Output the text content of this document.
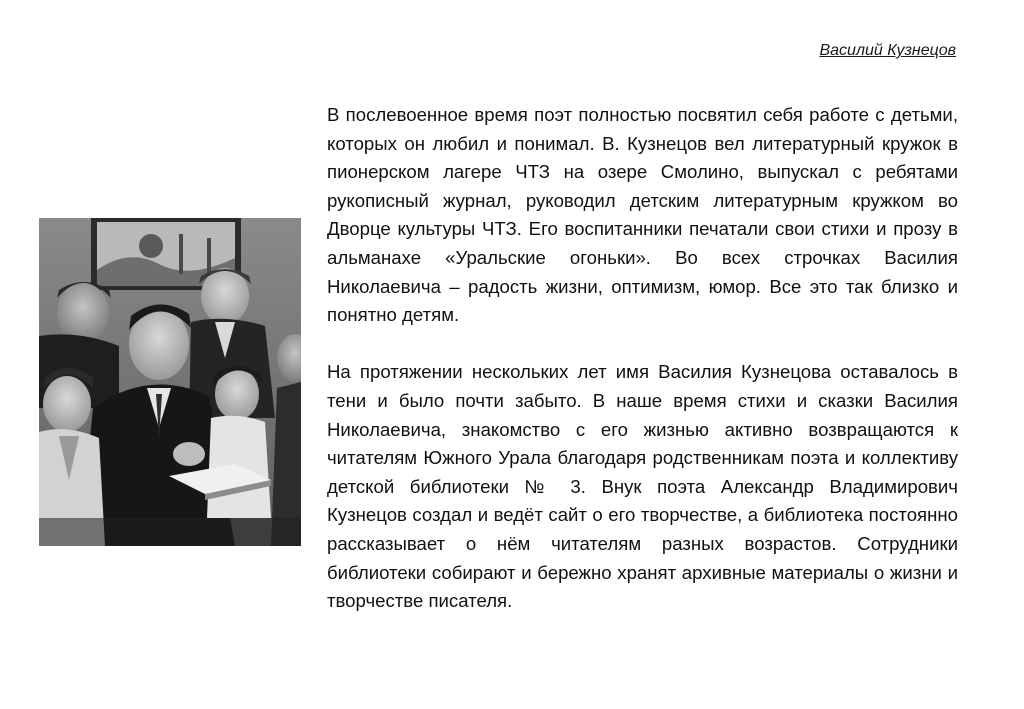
Василий Кузнецов

В послевоенное время поэт полностью посвятил себя работе с детьми, которых он любил и понимал. В. Кузнецов вел литературный кружок в пионерском лагере ЧТЗ на озере Смолино, выпускал с ребятами рукописный журнал, руководил детским литературным кружком во Дворце культуры ЧТЗ. Его воспитанники печатали свои стихи и прозу в альманахе «Уральские огоньки». Во всех строчках Василия Николаевича – радость жизни, оптимизм, юмор. Все это так близко и понятно детям.

На протяжении нескольких лет имя Василия Кузнецова оставалось в тени и было почти забыто. В наше время стихи и сказки Василия Николаевича, знакомство с его жизнью активно возвращаются к читателям Южного Урала благодаря родственникам поэта и коллективу детской библиотеки № 3. Внук поэта Александр Владимирович Кузнецов создал и ведёт сайт о его творчестве, а библиотека постоянно рассказывает о нём читателям разных возрастов. Сотрудники библиотеки собирают и бережно хранят архивные материалы о жизни и творчестве писателя.
